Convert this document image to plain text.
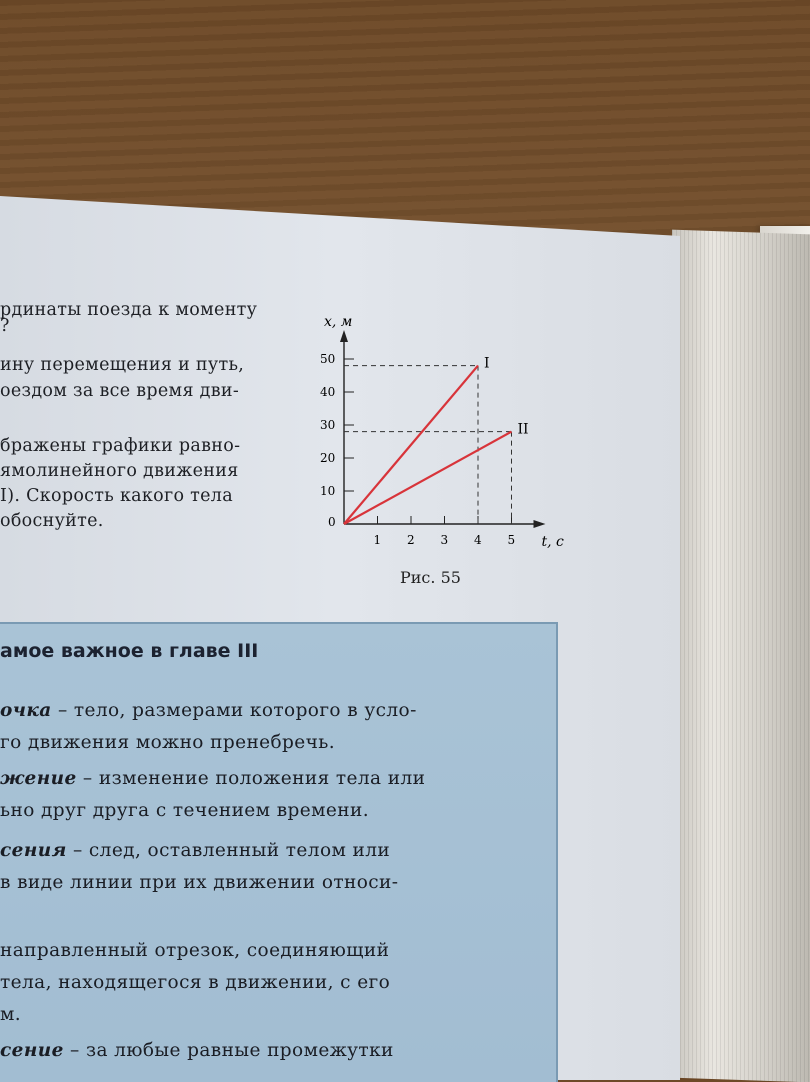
рдинаты поезда к моменту
?
ину перемещения и путь,
оездом за все время дви-
бражены графики равно-
ямолинейного движения
I). Скорость какого тела
обоснуйте.
x, м
t, с
50
40
30
20
10
0
1 2 3 4 5
I
II
Рис. 55
амое важное в главе III
очка – тело, размерами которого в усло-
го движения можно пренебречь.
жение – изменение положения тела или
ьно друг друга с течением времени.
сения – след, оставленный телом или
в виде линии при их движении относи-
направленный отрезок, соединяющий
тела, находящегося в движении, с его
м.
сение – за любые равные промежутки
